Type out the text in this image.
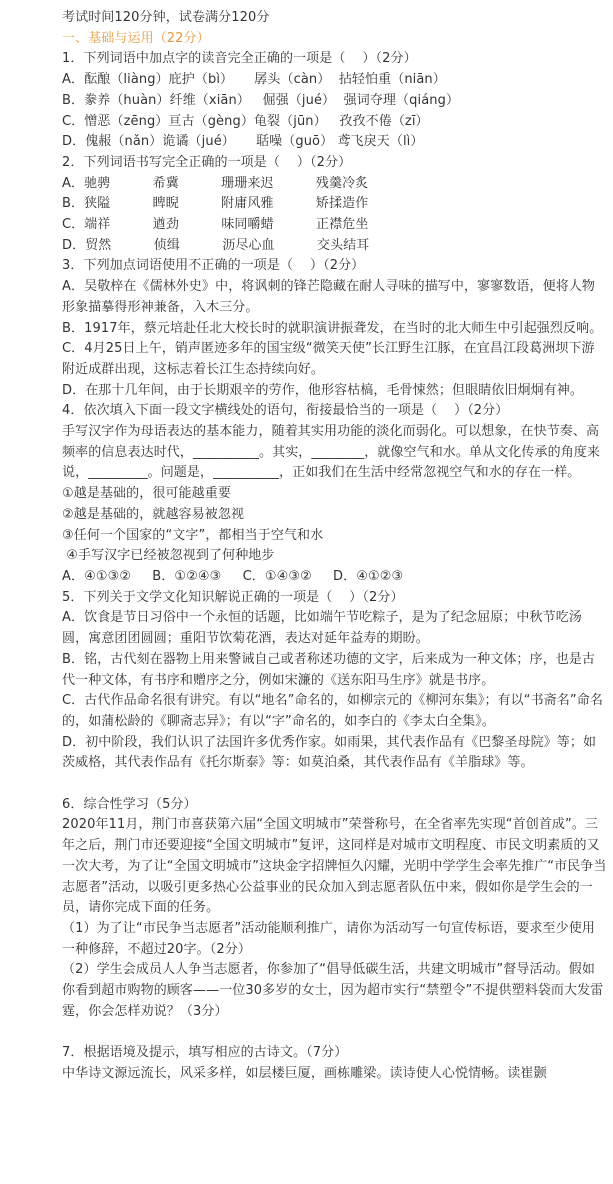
考试时间120分钟，试卷满分120分

一、基础与运用（22分）

1．下列词语中加点字的读音完全正确的一项是（    ）（2分）

A．酝酿（liàng）庇护（bì）     孱头（càn）  拈轻怕重（niān）

B．豢养（huàn）纤维（xiān）   倔强（jué）  强词夺理（qiáng）

C．憎恶（zēng）亘古（gèng）龟裂（jūn）   孜孜不倦（zī）

D．傀赧（nǎn）诡谲（jué）     聒噪（guō） 鸢飞戾天（lì）

2．下列词语书写完全正确的一项是（    ）（2分）

A．驰骋          希冀          珊珊来迟          残羹冷炙

B．狭隘          睥睨          附庸风雅          矫揉造作

C．端祥          遒劲          味同嚼蜡          正襟危坐

D．贸然          侦缉          沥尽心血          交头结耳

3．下列加点词语使用不正确的一项是（    ）（2分）

A．吴敬梓在《儒林外史》中，将讽刺的锋芒隐藏在耐人寻味的描写中，寥寥数语，便将人物形象描摹得形神兼备，入木三分。

B．1917年，蔡元培赴任北大校长时的就职演讲振聋发，在当时的北大师生中引起强烈反响。

C．4月25日上午，销声匿迹多年的国宝级“微笑天使”长江野生江豚，在宜昌江段葛洲坝下游附近成群出现，这标志着长江生态持续向好。

D．在那十几年间，由于长期艰辛的劳作，他形容枯槁，毛骨悚然；但眼睛依旧炯炯有神。

4．依次填入下面一段文字横线处的语句，衔接最恰当的一项是（    ）（2分）

手写汉字作为母语表达的基本能力，随着其实用功能的淡化而弱化。可以想象，在快节奏、高频率的信息表达时代，__________。其实，________，就像空气和水。单从文化传承的角度来说，_________。问题是，__________，正如我们在生活中经常忽视空气和水的存在一样。

①越是基础的，很可能越重要

②越是基础的，就越容易被忽视

③任何一个国家的“文字”，都相当于空气和水

④手写汉字已经被忽视到了何种地步

A．④①③②     B．①②④③     C．①④③②     D．④①②③

5．下列关于文学文化知识解说正确的一项是（    ）（2分）

A．饮食是节日习俗中一个永恒的话题，比如端午节吃粽子，是为了纪念屈原；中秋节吃汤圆，寓意团团圆圆；重阳节饮菊花酒，表达对延年益寿的期盼。

B．铭，古代刻在器物上用来警诫自己或者称述功德的文字，后来成为一种文体；序，也是古代一种文体，有书序和赠序之分，例如宋濂的《送东阳马生序》就是书序。

C．古代作品命名很有讲究。有以“地名”命名的，如柳宗元的《柳河东集》；有以“书斋名”命名的，如蒲松龄的《聊斋志异》；有以“字”命名的，如李白的《李太白全集》。

D．初中阶段，我们认识了法国许多优秀作家。如雨果，其代表作品有《巴黎圣母院》等；如茨威格，其代表作品有《托尔斯泰》等：如莫泊桑，其代表作品有《羊脂球》等。

6．综合性学习（5分）

2020年11月，荆门市喜获第六届“全国文明城市”荣誉称号，在全省率先实现“首创首成”。三年之后，荆门市还要迎接“全国文明城市”复评，这同样是对城市文明程度、市民文明素质的又一次大考，为了让“全国文明城市”这块金字招牌恒久闪耀，光明中学学生会率先推广“市民争当志愿者”活动，以吸引更多热心公益事业的民众加入到志愿者队伍中来，假如你是学生会的一员，请你完成下面的任务。

（1）为了让“市民争当志愿者”活动能顺利推广，请你为活动写一句宣传标语，要求至少使用一种修辞，不超过20字。（2分）

（2）学生会成员人人争当志愿者，你参加了“倡导低碳生活，共建文明城市”督导活动。假如你看到超市购物的顾客——一位30多岁的女士，因为超市实行“禁塑令”不提供塑料袋而大发雷霆，你会怎样劝说？（3分）

7．根据语境及提示，填写相应的古诗文。（7分）

中华诗文源远流长，风采多样，如层楼巨厦，画栋雕梁。读诗使人心悦情畅。读崔颢
